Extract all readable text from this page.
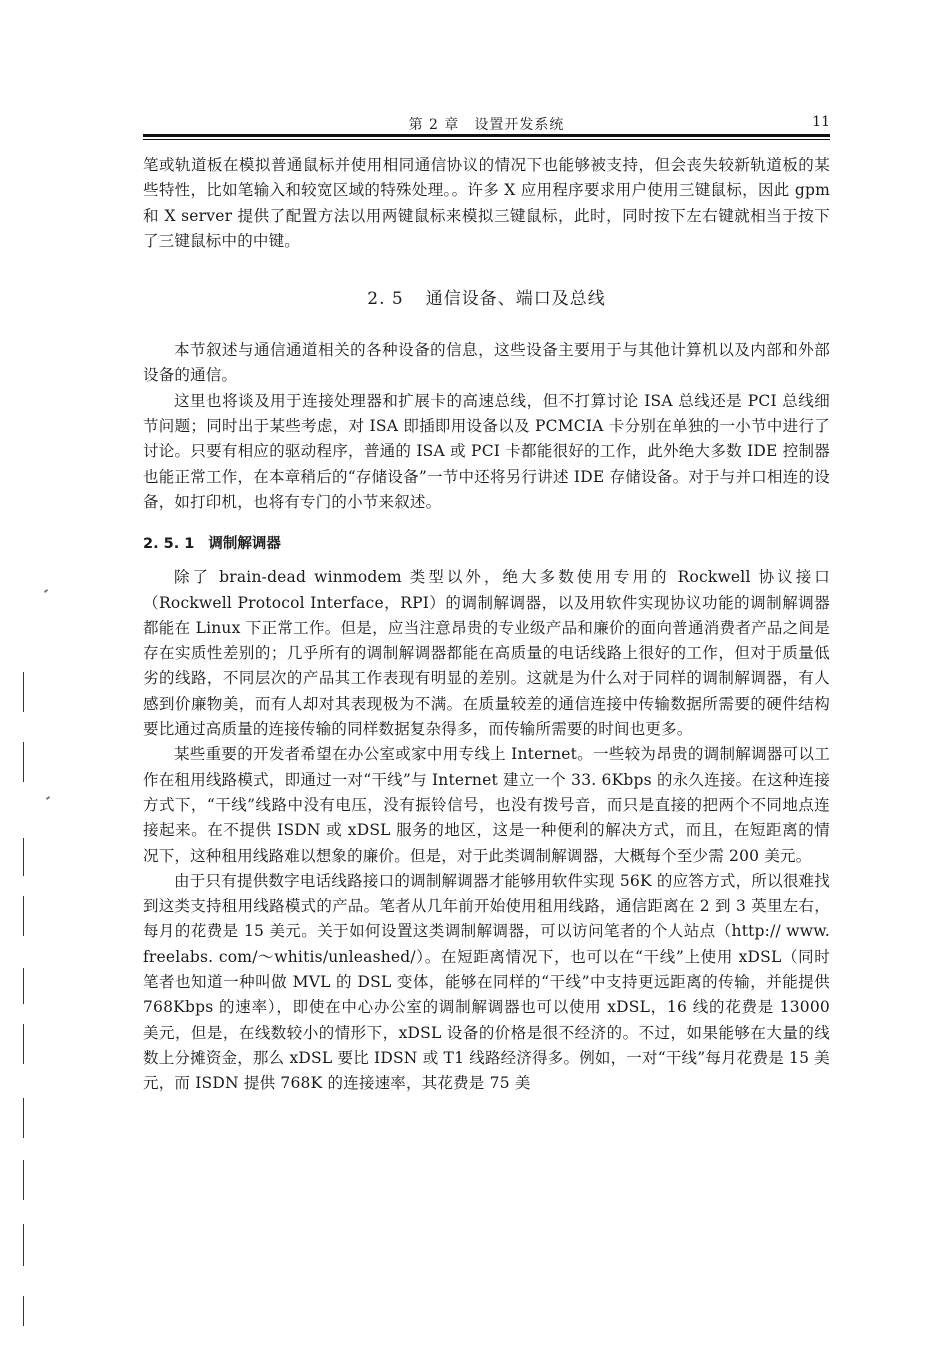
第 2 章　设置开发系统	11

笔或轨道板在模拟普通鼠标并使用相同通信协议的情况下也能够被支持，但会丧失较新轨道板的某些特性，比如笔输入和较宽区域的特殊处理。。许多 X 应用程序要求用户使用三键鼠标，因此 gpm 和 X server 提供了配置方法以用两键鼠标来模拟三键鼠标，此时，同时按下左右键就相当于按下了三键鼠标中的中键。

2. 5 通信设备、端口及总线

本节叙述与通信通道相关的各种设备的信息，这些设备主要用于与其他计算机以及内部和外部设备的通信。

这里也将谈及用于连接处理器和扩展卡的高速总线，但不打算讨论 ISA 总线还是 PCI 总线细节问题；同时出于某些考虑，对 ISA 即插即用设备以及 PCMCIA 卡分别在单独的一小节中进行了讨论。只要有相应的驱动程序，普通的 ISA 或 PCI 卡都能很好的工作，此外绝大多数 IDE 控制器也能正常工作，在本章稍后的“存储设备”一节中还将另行讲述 IDE 存储设备。对于与并口相连的设备，如打印机，也将有专门的小节来叙述。

2. 5. 1 调制解调器

除了 brain-dead winmodem 类型以外，绝大多数使用专用的 Rockwell 协议接口（Rockwell Protocol Interface，RPI）的调制解调器，以及用软件实现协议功能的调制解调器都能在 Linux 下正常工作。但是，应当注意昂贵的专业级产品和廉价的面向普通消费者产品之间是存在实质性差别的；几乎所有的调制解调器都能在高质量的电话线路上很好的工作，但对于质量低劣的线路，不同层次的产品其工作表现有明显的差别。这就是为什么对于同样的调制解调器，有人感到价廉物美，而有人却对其表现极为不满。在质量较差的通信连接中传输数据所需要的硬件结构要比通过高质量的连接传输的同样数据复杂得多，而传输所需要的时间也更多。

某些重要的开发者希望在办公室或家中用专线上 Internet。一些较为昂贵的调制解调器可以工作在租用线路模式，即通过一对“干线”与 Internet 建立一个 33. 6Kbps 的永久连接。在这种连接方式下，“干线”线路中没有电压，没有振铃信号，也没有拨号音，而只是直接的把两个不同地点连接起来。在不提供 ISDN 或 xDSL 服务的地区，这是一种便利的解决方式，而且，在短距离的情况下，这种租用线路难以想象的廉价。但是，对于此类调制解调器，大概每个至少需 200 美元。

由于只有提供数字电话线路接口的调制解调器才能够用软件实现 56K 的应答方式，所以很难找到这类支持租用线路模式的产品。笔者从几年前开始使用租用线路，通信距离在 2 到 3 英里左右，每月的花费是 15 美元。关于如何设置这类调制解调器，可以访问笔者的个人站点（http:// www. freelabs. com/～whitis/unleashed/）。在短距离情况下，也可以在“干线”上使用 xDSL（同时笔者也知道一种叫做 MVL 的 DSL 变体，能够在同样的“干线”中支持更远距离的传输，并能提供 768Kbps 的速率），即使在中心办公室的调制解调器也可以使用 xDSL，16 线的花费是 13000 美元，但是，在线数较小的情形下，xDSL 设备的价格是很不经济的。不过，如果能够在大量的线数上分摊资金，那么 xDSL 要比 IDSN 或 T1 线路经济得多。例如，一对“干线”每月花费是 15 美元，而 ISDN 提供 768K 的连接速率，其花费是 75 美
